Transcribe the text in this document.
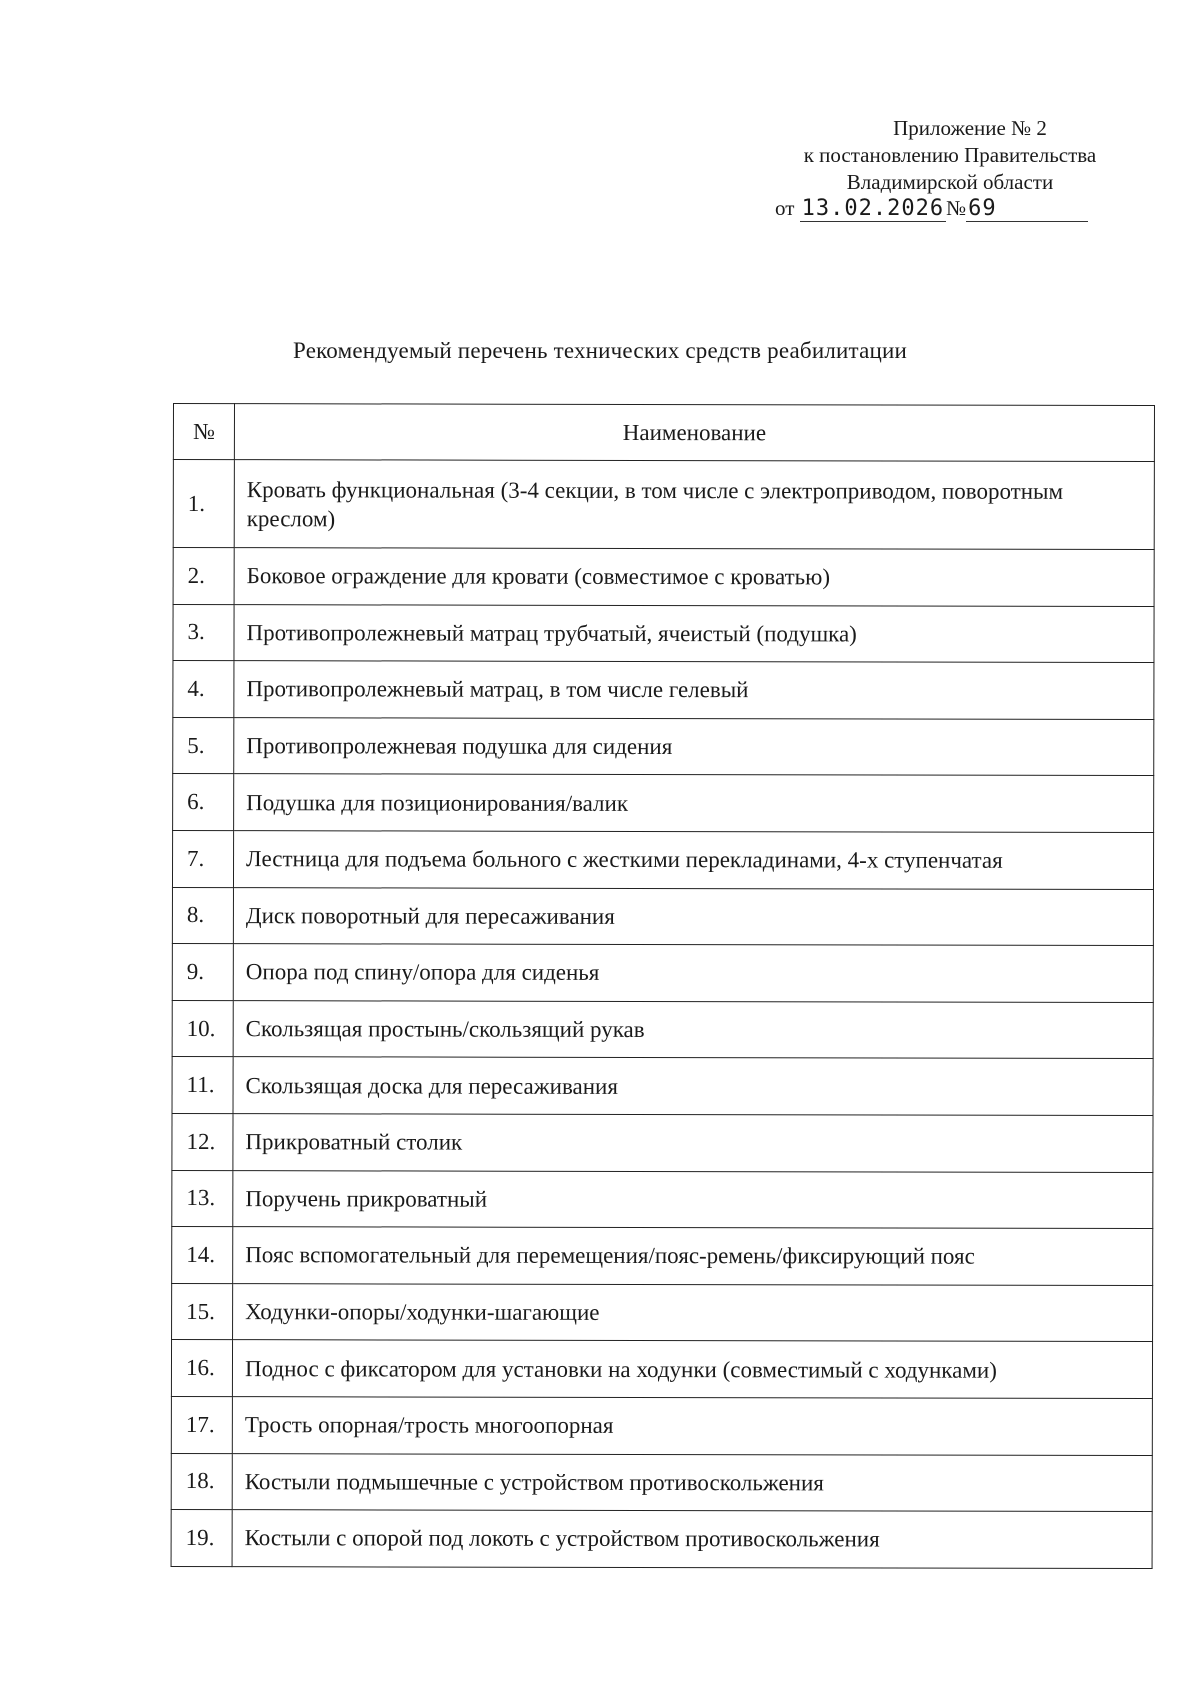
Приложение № 2
к постановлению Правительства
Владимирской области
от 13.02.2026№69
Рекомендуемый перечень технических средств реабилитации
№	Наименование
1.	Кровать функциональная (3-4 секции, в том числе с электроприводом, поворотным креслом)
2.	Боковое ограждение для кровати (совместимое с кроватью)
3.	Противопролежневый матрац трубчатый, ячеистый (подушка)
4.	Противопролежневый матрац, в том числе гелевый
5.	Противопролежневая подушка для сидения
6.	Подушка для позиционирования/валик
7.	Лестница для подъема больного с жесткими перекладинами, 4-х ступенчатая
8.	Диск поворотный для пересаживания
9.	Опора под спину/опора для сиденья
10.	Скользящая простынь/скользящий рукав
11.	Скользящая доска для пересаживания
12.	Прикроватный столик
13.	Поручень прикроватный
14.	Пояс вспомогательный для перемещения/пояс-ремень/фиксирующий пояс
15.	Ходунки-опоры/ходунки-шагающие
16.	Поднос с фиксатором для установки на ходунки (совместимый с ходунками)
17.	Трость опорная/трость многоопорная
18.	Костыли подмышечные с устройством противоскольжения
19.	Костыли с опорой под локоть с устройством противоскольжения
